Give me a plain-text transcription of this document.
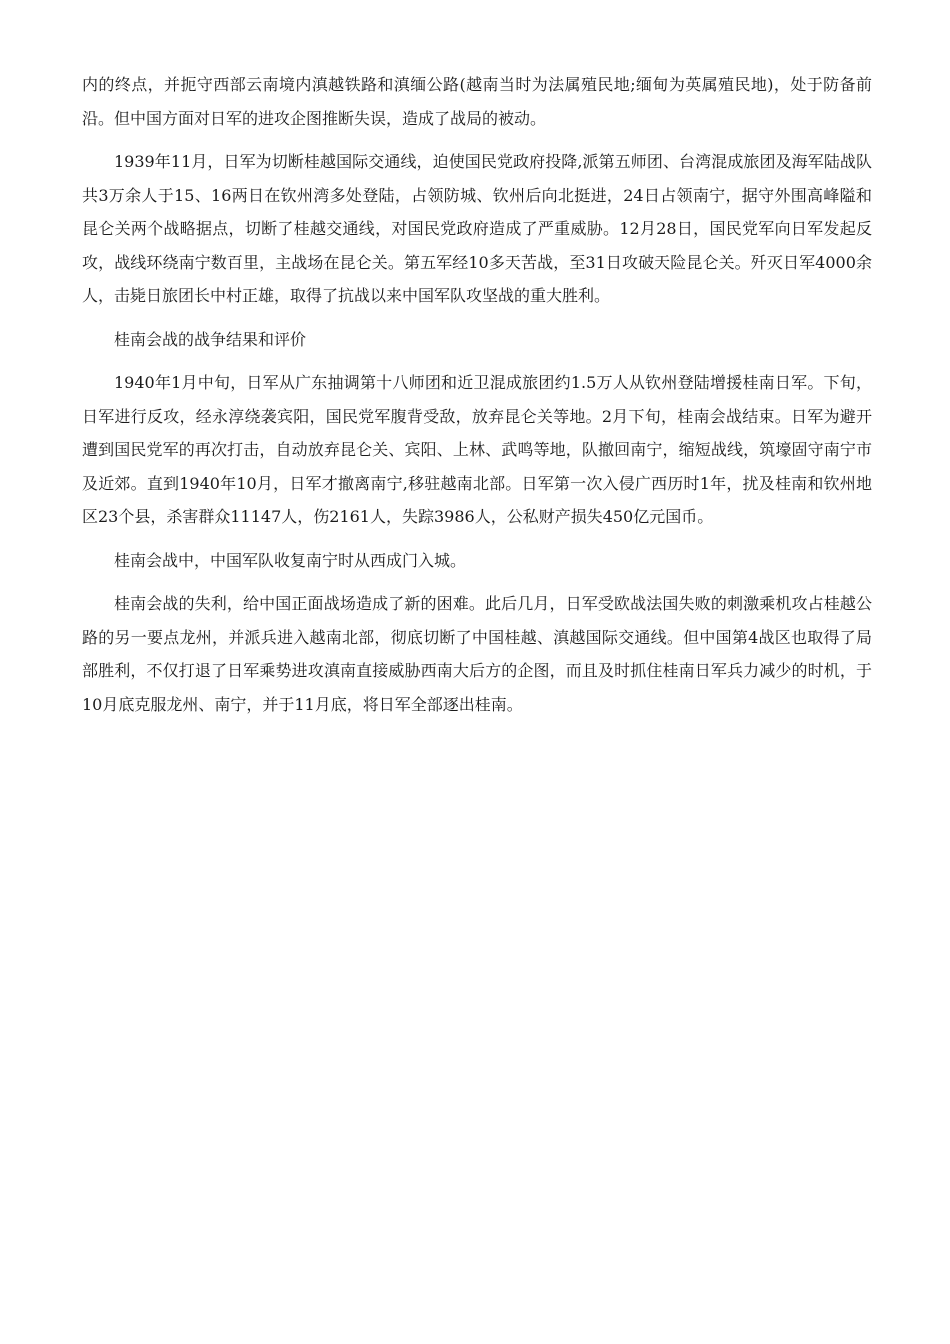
内的终点，并扼守西部云南境内滇越铁路和滇缅公路(越南当时为法属殖民地;缅甸为英属殖民地)，处于防备前沿。但中国方面对日军的进攻企图推断失误，造成了战局的被动。

1939年11月，日军为切断桂越国际交通线，迫使国民党政府投降,派第五师团、台湾混成旅团及海军陆战队共3万余人于15、16两日在钦州湾多处登陆，占领防城、钦州后向北挺进，24日占领南宁，据守外围高峰隘和昆仑关两个战略据点，切断了桂越交通线，对国民党政府造成了严重威胁。12月28日，国民党军向日军发起反攻，战线环绕南宁数百里，主战场在昆仑关。第五军经10多天苦战，至31日攻破天险昆仑关。歼灭日军4000余人，击毙日旅团长中村正雄，取得了抗战以来中国军队攻坚战的重大胜利。

桂南会战的战争结果和评价

1940年1月中旬，日军从广东抽调第十八师团和近卫混成旅团约1.5万人从钦州登陆增援桂南日军。下旬，日军进行反攻，经永淳绕袭宾阳，国民党军腹背受敌，放弃昆仑关等地。2月下旬，桂南会战结束。日军为避开遭到国民党军的再次打击，自动放弃昆仑关、宾阳、上林、武鸣等地，队撤回南宁，缩短战线，筑壕固守南宁市及近郊。直到1940年10月，日军才撤离南宁,移驻越南北部。日军第一次入侵广西历时1年，扰及桂南和钦州地区23个县，杀害群众11147人，伤2161人，失踪3986人，公私财产损失450亿元国币。

桂南会战中，中国军队收复南宁时从西成门入城。

桂南会战的失利，给中国正面战场造成了新的困难。此后几月，日军受欧战法国失败的刺激乘机攻占桂越公路的另一要点龙州，并派兵进入越南北部，彻底切断了中国桂越、滇越国际交通线。但中国第4战区也取得了局部胜利，不仅打退了日军乘势进攻滇南直接威胁西南大后方的企图，而且及时抓住桂南日军兵力减少的时机，于10月底克服龙州、南宁，并于11月底，将日军全部逐出桂南。
